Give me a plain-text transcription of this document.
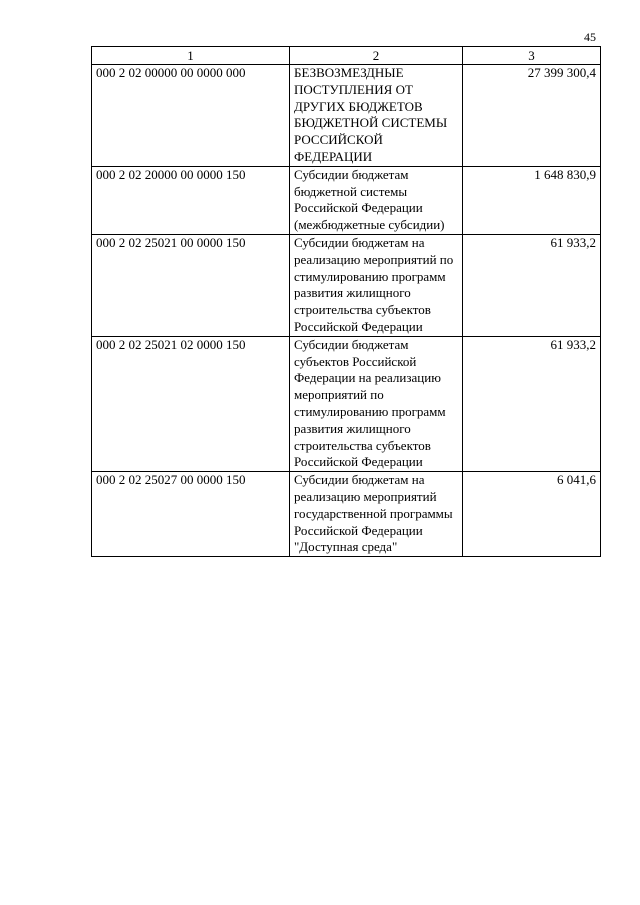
45
1	2	3
000 2 02 00000 00 0000 000	БЕЗВОЗМЕЗДНЫЕ ПОСТУПЛЕНИЯ ОТ ДРУГИХ БЮДЖЕТОВ БЮДЖЕТНОЙ СИСТЕМЫ РОССИЙСКОЙ ФЕДЕРАЦИИ	27 399 300,4
000 2 02 20000 00 0000 150	Субсидии бюджетам бюджетной системы Российской Федерации (межбюджетные субсидии)	1 648 830,9
000 2 02 25021 00 0000 150	Субсидии бюджетам на реализацию мероприятий по стимулированию программ развития жилищного строительства субъектов Российской Федерации	61 933,2
000 2 02 25021 02 0000 150	Субсидии бюджетам субъектов Российской Федерации на реализацию мероприятий по стимулированию программ развития жилищного строительства субъектов Российской Федерации	61 933,2
000 2 02 25027 00 0000 150	Субсидии бюджетам на реализацию мероприятий государственной программы Российской Федерации "Доступная среда"	6 041,6
